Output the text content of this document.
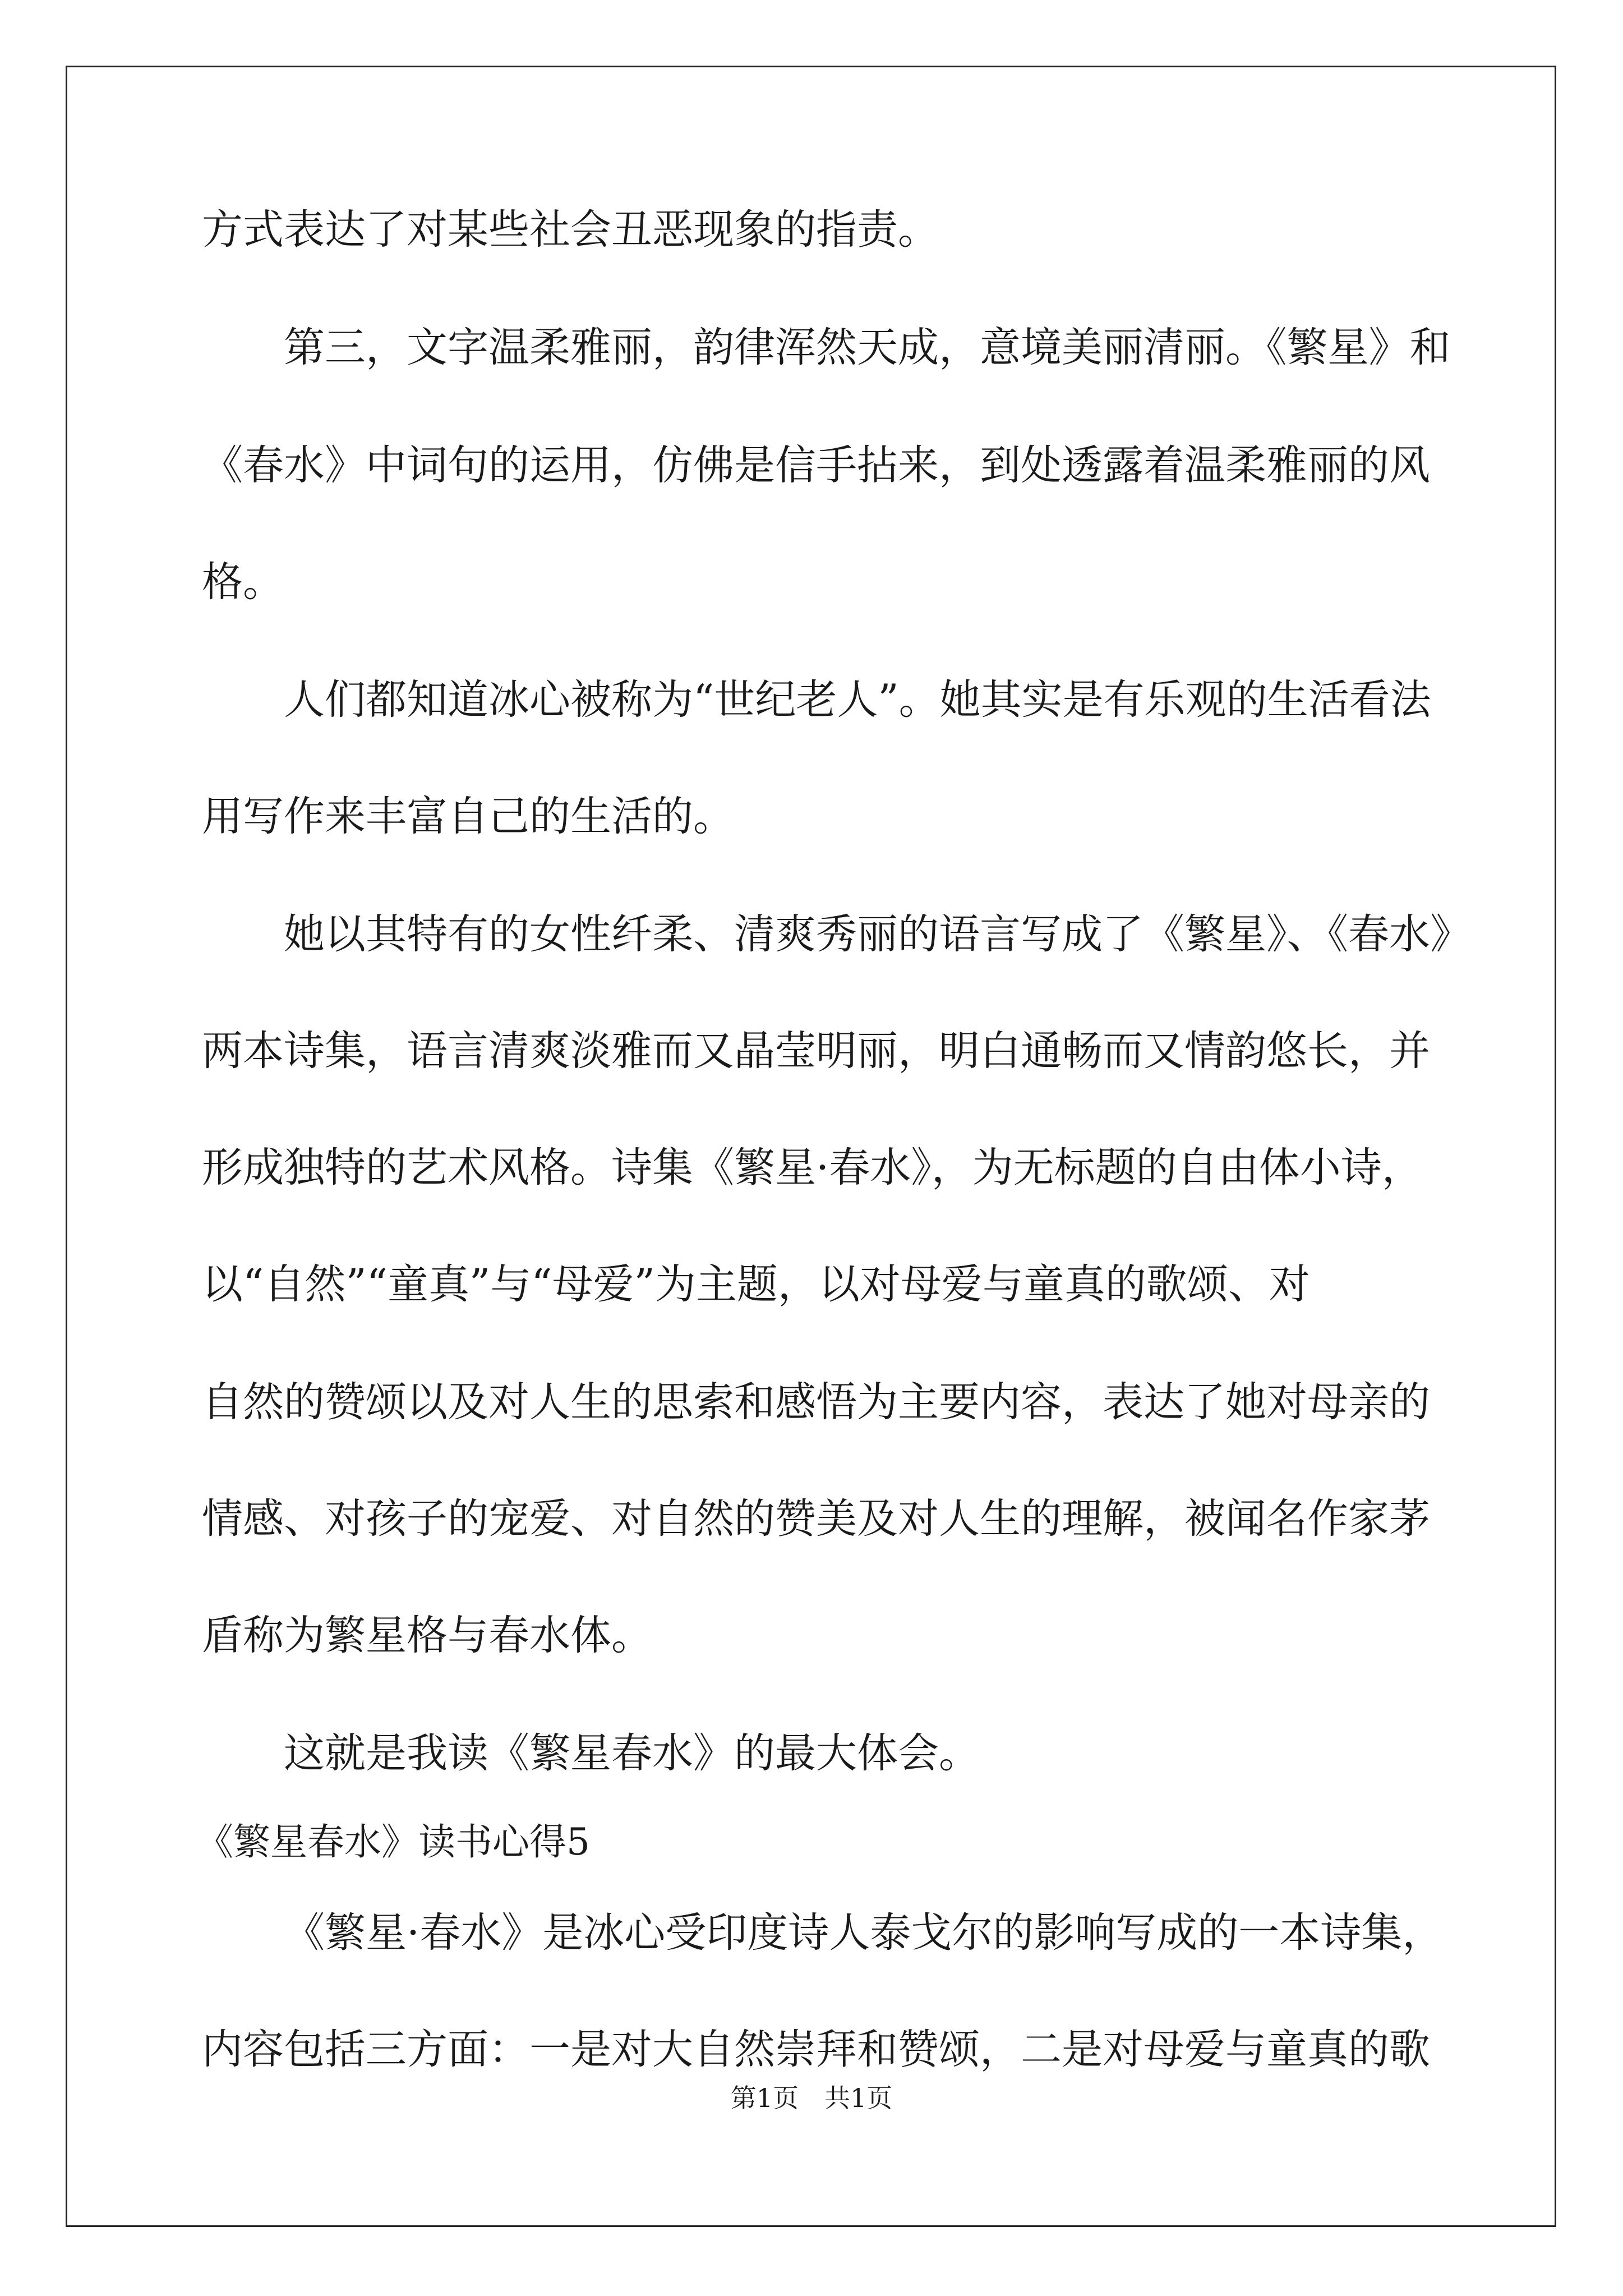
方式表达了对某些社会丑恶现象的指责。
第三，文字温柔雅丽，韵律浑然天成，意境美丽清丽。《繁星》和
《春水》中词句的运用，仿佛是信手拈来，到处透露着温柔雅丽的风
格。
人们都知道冰心被称为“世纪老人”。她其实是有乐观的生活看法
用写作来丰富自己的生活的。
她以其特有的女性纤柔、清爽秀丽的语言写成了《繁星》、《春水》
两本诗集，语言清爽淡雅而又晶莹明丽，明白通畅而又情韵悠长，并
形成独特的艺术风格。诗集《繁星·春水》，为无标题的自由体小诗，
以“自然”“童真”与“母爱”为主题，以对母爱与童真的歌颂、对
自然的赞颂以及对人生的思索和感悟为主要内容，表达了她对母亲的
情感、对孩子的宠爱、对自然的赞美及对人生的理解，被闻名作家茅
盾称为繁星格与春水体。
这就是我读《繁星春水》的最大体会。
《繁星春水》读书心得5
《繁星·春水》是冰心受印度诗人泰戈尔的影响写成的一本诗集，
内容包括三方面：一是对大自然崇拜和赞颂，二是对母爱与童真的歌
第1页　共1页
